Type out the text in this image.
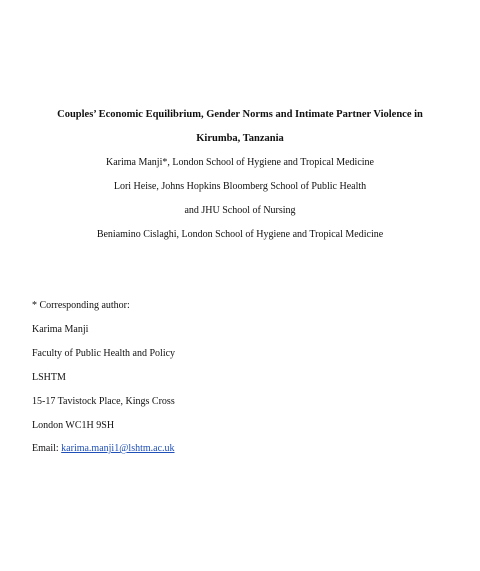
Couples’ Economic Equilibrium, Gender Norms and Intimate Partner Violence in
Kirumba, Tanzania
Karima Manji*, London School of Hygiene and Tropical Medicine
Lori Heise, Johns Hopkins Bloomberg School of Public Health
and JHU School of Nursing
Beniamino Cislaghi, London School of Hygiene and Tropical Medicine
* Corresponding author:
Karima Manji
Faculty of Public Health and Policy
LSHTM
15-17 Tavistock Place, Kings Cross
London WC1H 9SH
Email: karima.manji1@lshtm.ac.uk
